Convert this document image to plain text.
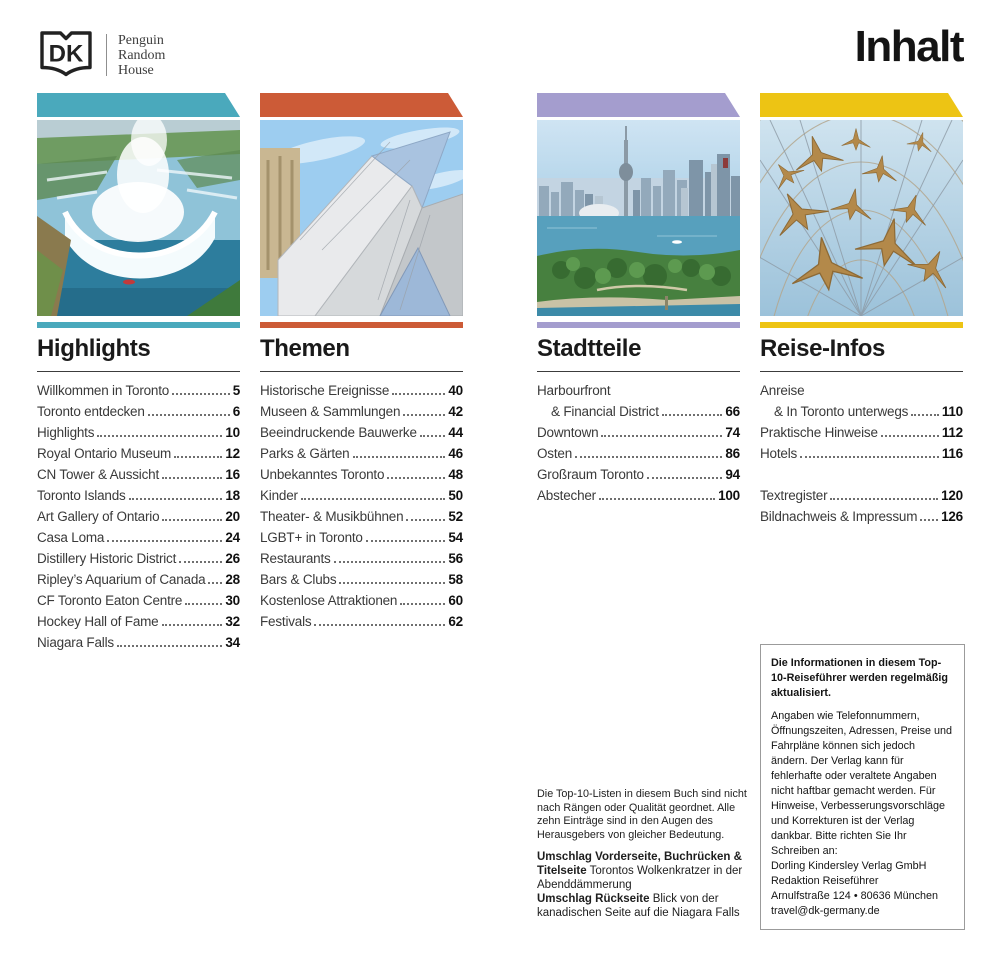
DK
Penguin
Random
House	Inhalt
Highlights
Willkommen in Toronto	5
Toronto entdecken	6
Highlights	10
Royal Ontario Museum	12
CN Tower & Aussicht	16
Toronto Islands	18
Art Gallery of Ontario	20
Casa Loma	24
Distillery Historic District	26
Ripley’s Aquarium of Canada 28
CF Toronto Eaton Centre	30
Hockey Hall of Fame	32
Niagara Falls	34
Themen
Historische Ereignisse	40
Museen & Sammlungen	42
Beeindruckende Bauwerke 44
Parks & Gärten	46
Unbekanntes Toronto	48
Kinder	50
Theater- & Musikbühnen	52
LGBT+ in Toronto	54
Restaurants	56
Bars & Clubs	58
Kostenlose Attraktionen	60
Festivals	62
Stadtteile
Harbourfront
& Financial District	66
Downtown	74
Osten	86
Großraum Toronto	94
Abstecher	100
Reise-Infos
Anreise
& In Toronto unterwegs 110
Praktische Hinweise	112
Hotels	116
Textregister	120
Bildnachweis & Impressum 126
Die Top-10-Listen in diesem Buch sind nicht nach Rängen oder Qualität geordnet. Alle zehn Einträge sind in den Augen des Herausgebers von gleicher Bedeutung.

Umschlag Vorderseite, Buchrücken & Titelseite Torontos Wolkenkratzer in der Abenddämmerung

Umschlag Rückseite Blick von der kanadischen Seite auf die Niagara Falls

Die Informationen in diesem Top-10-Reiseführer werden regelmäßig aktualisiert.

Angaben wie Telefonnummern, Öffnungszeiten, Adressen, Preise und Fahrpläne können sich jedoch ändern. Der Verlag kann für fehlerhafte oder veraltete Angaben nicht haftbar gemacht werden. Für Hinweise, Verbesserungsvorschläge und Korrekturen ist der Verlag dankbar. Bitte richten Sie Ihr Schreiben an:

Dorling Kindersley Verlag GmbH
Redaktion Reiseführer
Arnulfstraße 124 • 80636 München
travel@dk-germany.de
